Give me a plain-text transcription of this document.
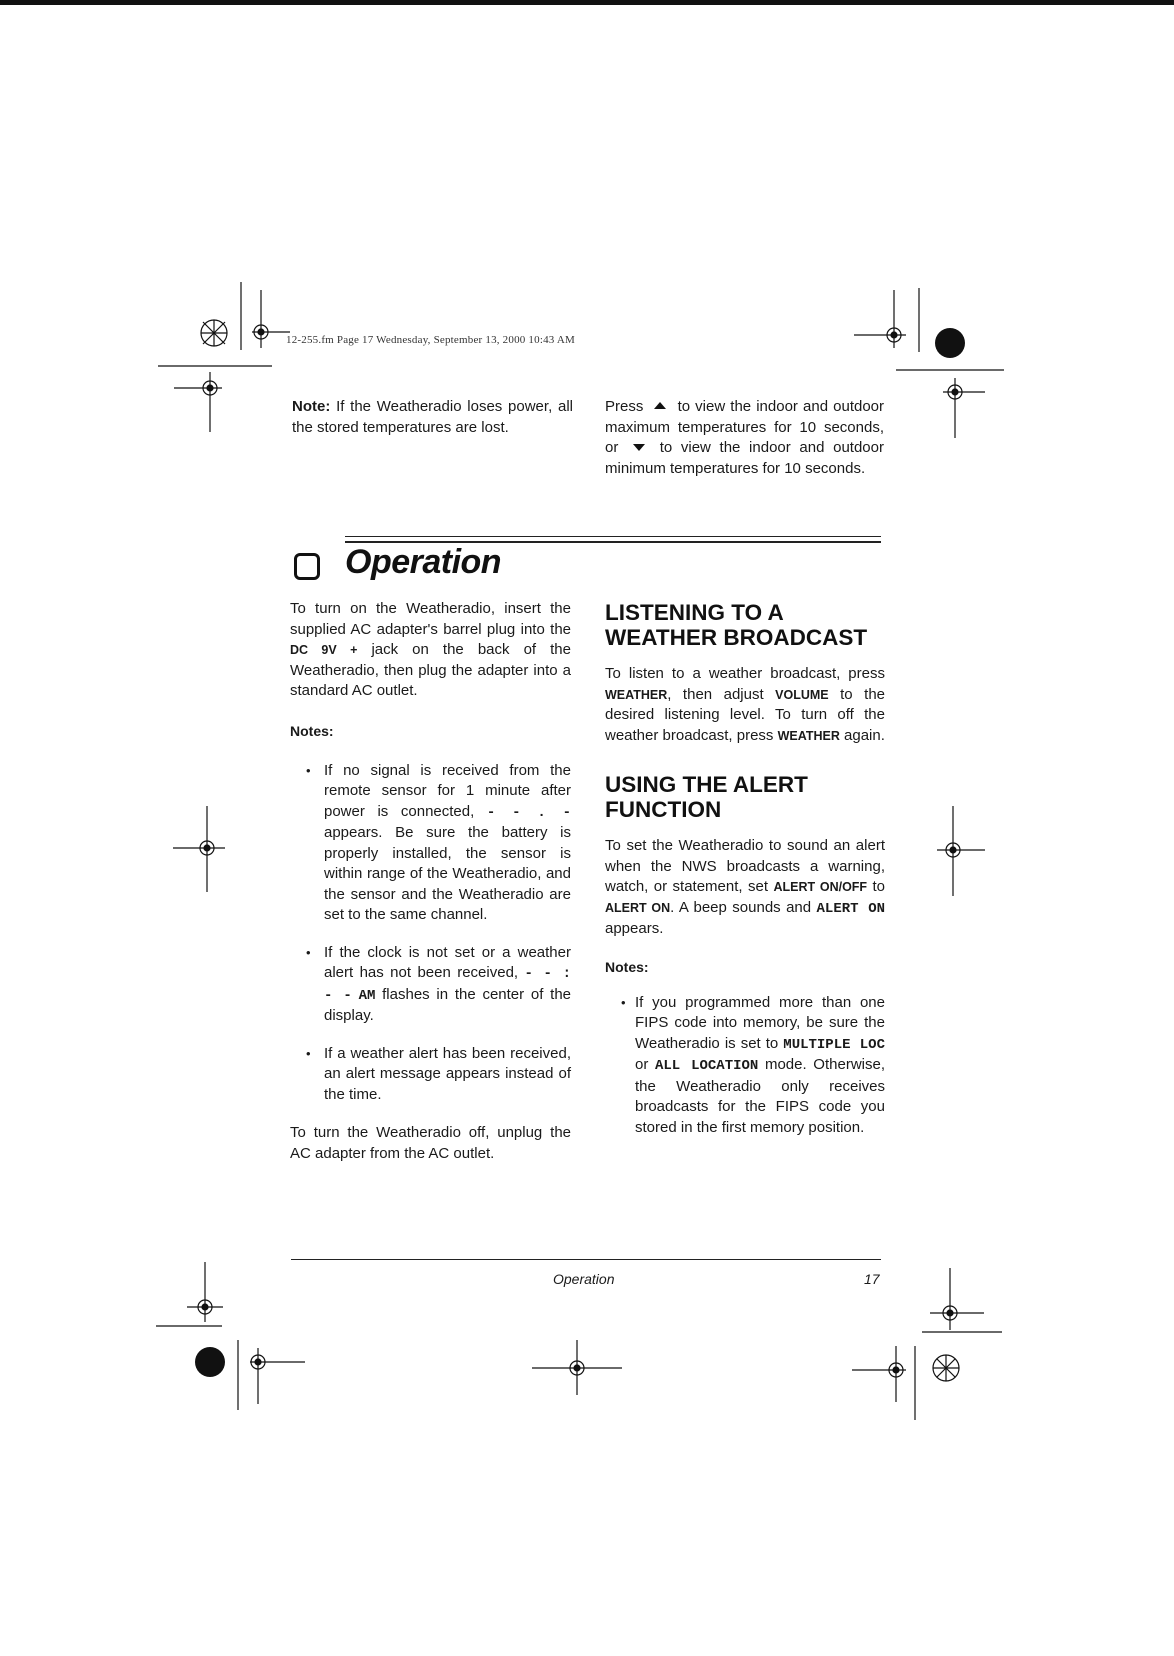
12-255.fm Page 17 Wednesday, September 13, 2000 10:43 AM

Note: If the Weatheradio loses power, all the stored temperatures are lost.

Press to view the indoor and outdoor maximum temperatures for 10 seconds, or	to view the indoor and outdoor minimum temperatures for 10 seconds.

Operation

To turn on the Weatheradio, insert the supplied AC adapter's barrel plug into the DC 9V + jack on the back of the Weatheradio, then plug the adapter into a standard AC outlet.

Notes:

• If no signal is received from the remote sensor for 1 minute after power is connected, - - . - appears. Be sure the battery is properly installed, the sensor is within range of the Weatheradio, and the sensor and the Weatheradio are set to the same channel.
• If the clock is not set or a weather alert has not been received, - - : - - AM flashes in the center of the display.
• If a weather alert has been received, an alert message appears instead of the time.

To turn the Weatheradio off, unplug the AC adapter from the AC outlet.

LISTENING TO A WEATHER BROADCAST

To listen to a weather broadcast, press WEATHER, then adjust VOLUME to the desired listening level. To turn off the weather broadcast, press WEATHER again.

USING THE ALERT FUNCTION

To set the Weatheradio to sound an alert when the NWS broadcasts a warning, watch, or statement, set ALERT ON/OFF to ALERT ON. A beep sounds and ALERT ON appears.

Notes:

• If you programmed more than one FIPS code into memory, be sure the Weatheradio is set to MULTIPLE LOC or ALL LOCATION mode. Otherwise, the Weatheradio only receives broadcasts for the FIPS code you stored in the first memory position.
Operation	17
